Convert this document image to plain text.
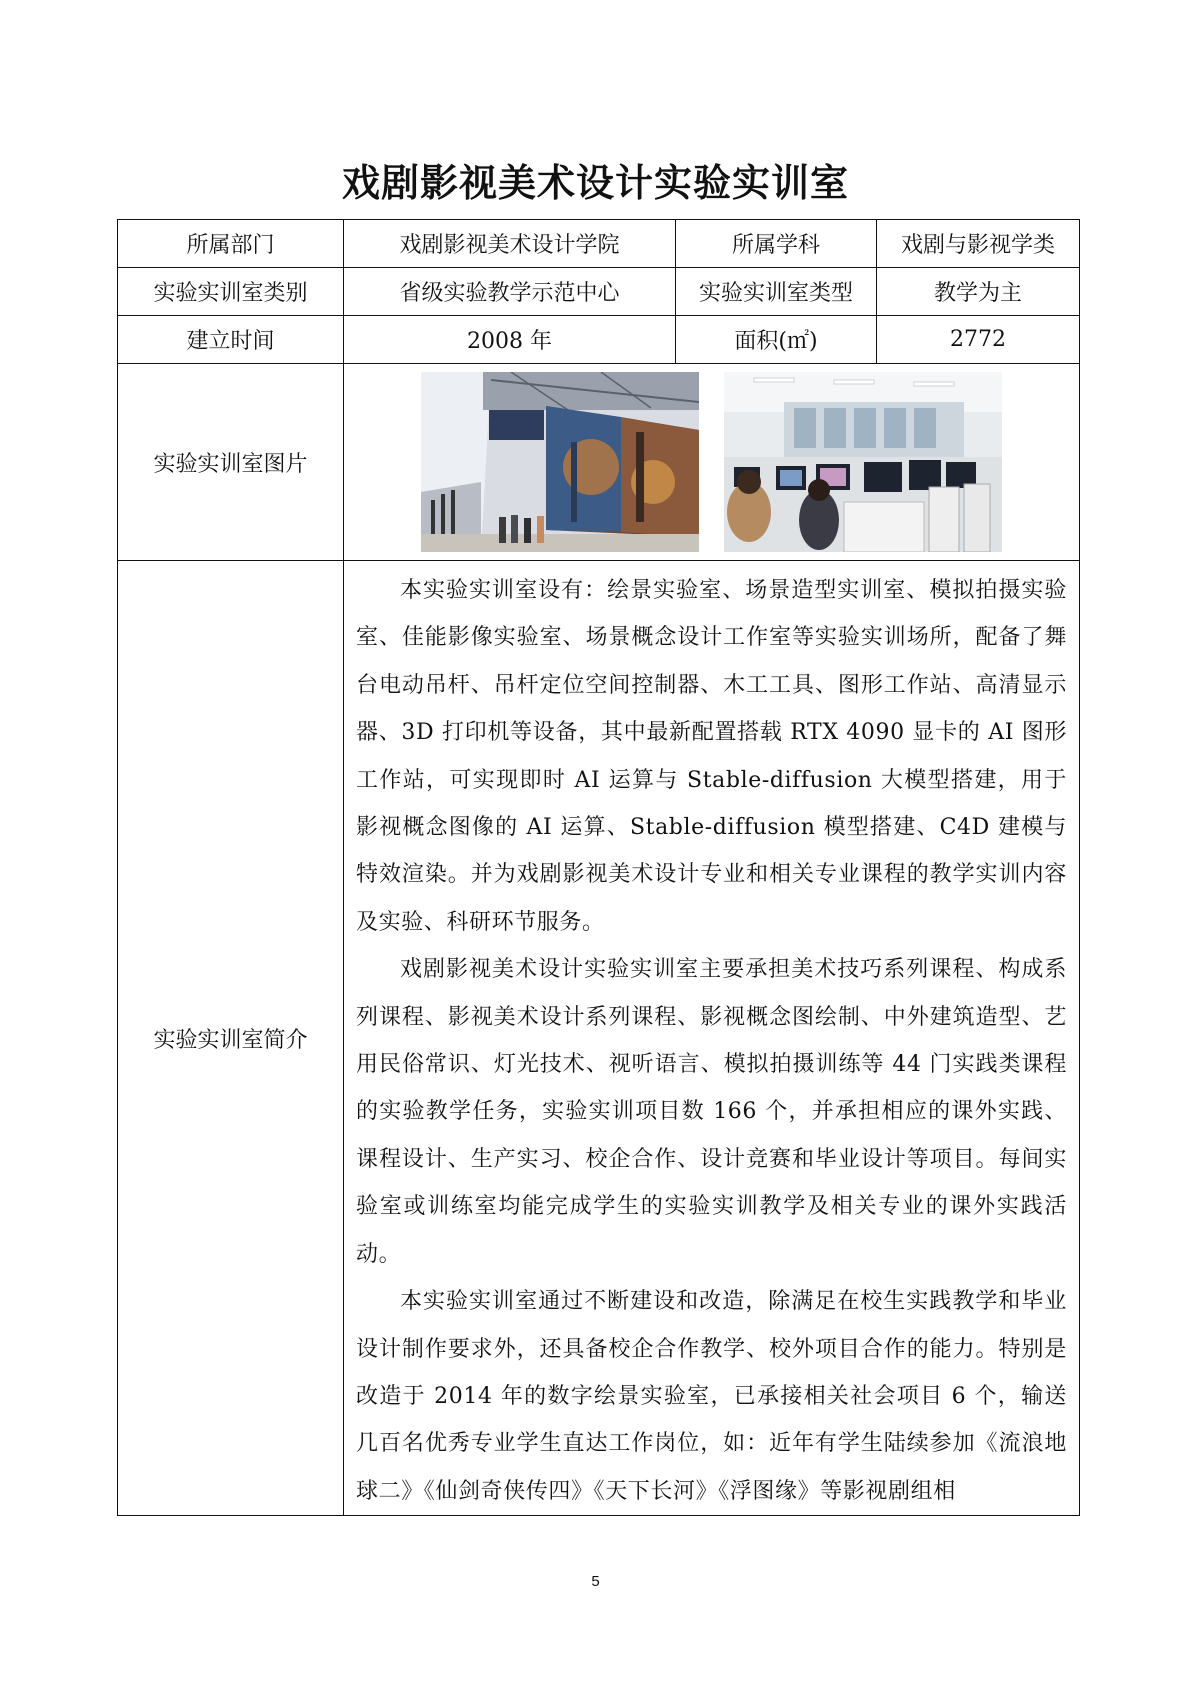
戏剧影视美术设计实验实训室
所属部门	戏剧影视美术设计学院	所属学科	戏剧与影视学类
实验实训室类别	省级实验教学示范中心	实验实训室类型	教学为主
建立时间	2008 年	面积(㎡)	2772
实验实训室图片	

实验实训室简介	本实验实训室设有：绘景实验室、场景造型实训室、模拟拍摄实验室、佳能影像实验室、场景概念设计工作室等实验实训场所，配备了舞台电动吊杆、吊杆定位空间控制器、木工工具、图形工作站、高清显示器、3D 打印机等设备，其中最新配置搭载 RTX 4090 显卡的 AI 图形工作站，可实现即时 AI 运算与 Stable-diffusion 大模型搭建，用于影视概念图像的 AI 运算、Stable-diffusion 模型搭建、C4D 建模与特效渲染。并为戏剧影视美术设计专业和相关专业课程的教学实训内容及实验、科研环节服务。

戏剧影视美术设计实验实训室主要承担美术技巧系列课程、构成系列课程、影视美术设计系列课程、影视概念图绘制、中外建筑造型、艺用民俗常识、灯光技术、视听语言、模拟拍摄训练等 44 门实践类课程的实验教学任务，实验实训项目数 166 个，并承担相应的课外实践、课程设计、生产实习、校企合作、设计竞赛和毕业设计等项目。每间实验室或训练室均能完成学生的实验实训教学及相关专业的课外实践活动。

本实验实训室通过不断建设和改造，除满足在校生实践教学和毕业设计制作要求外，还具备校企合作教学、校外项目合作的能力。特别是改造于 2014 年的数字绘景实验室，已承接相关社会项目 6 个，输送几百名优秀专业学生直达工作岗位，如：近年有学生陆续参加《流浪地球二》《仙剑奇侠传四》《天下长河》《浮图缘》等影视剧组相		

5
